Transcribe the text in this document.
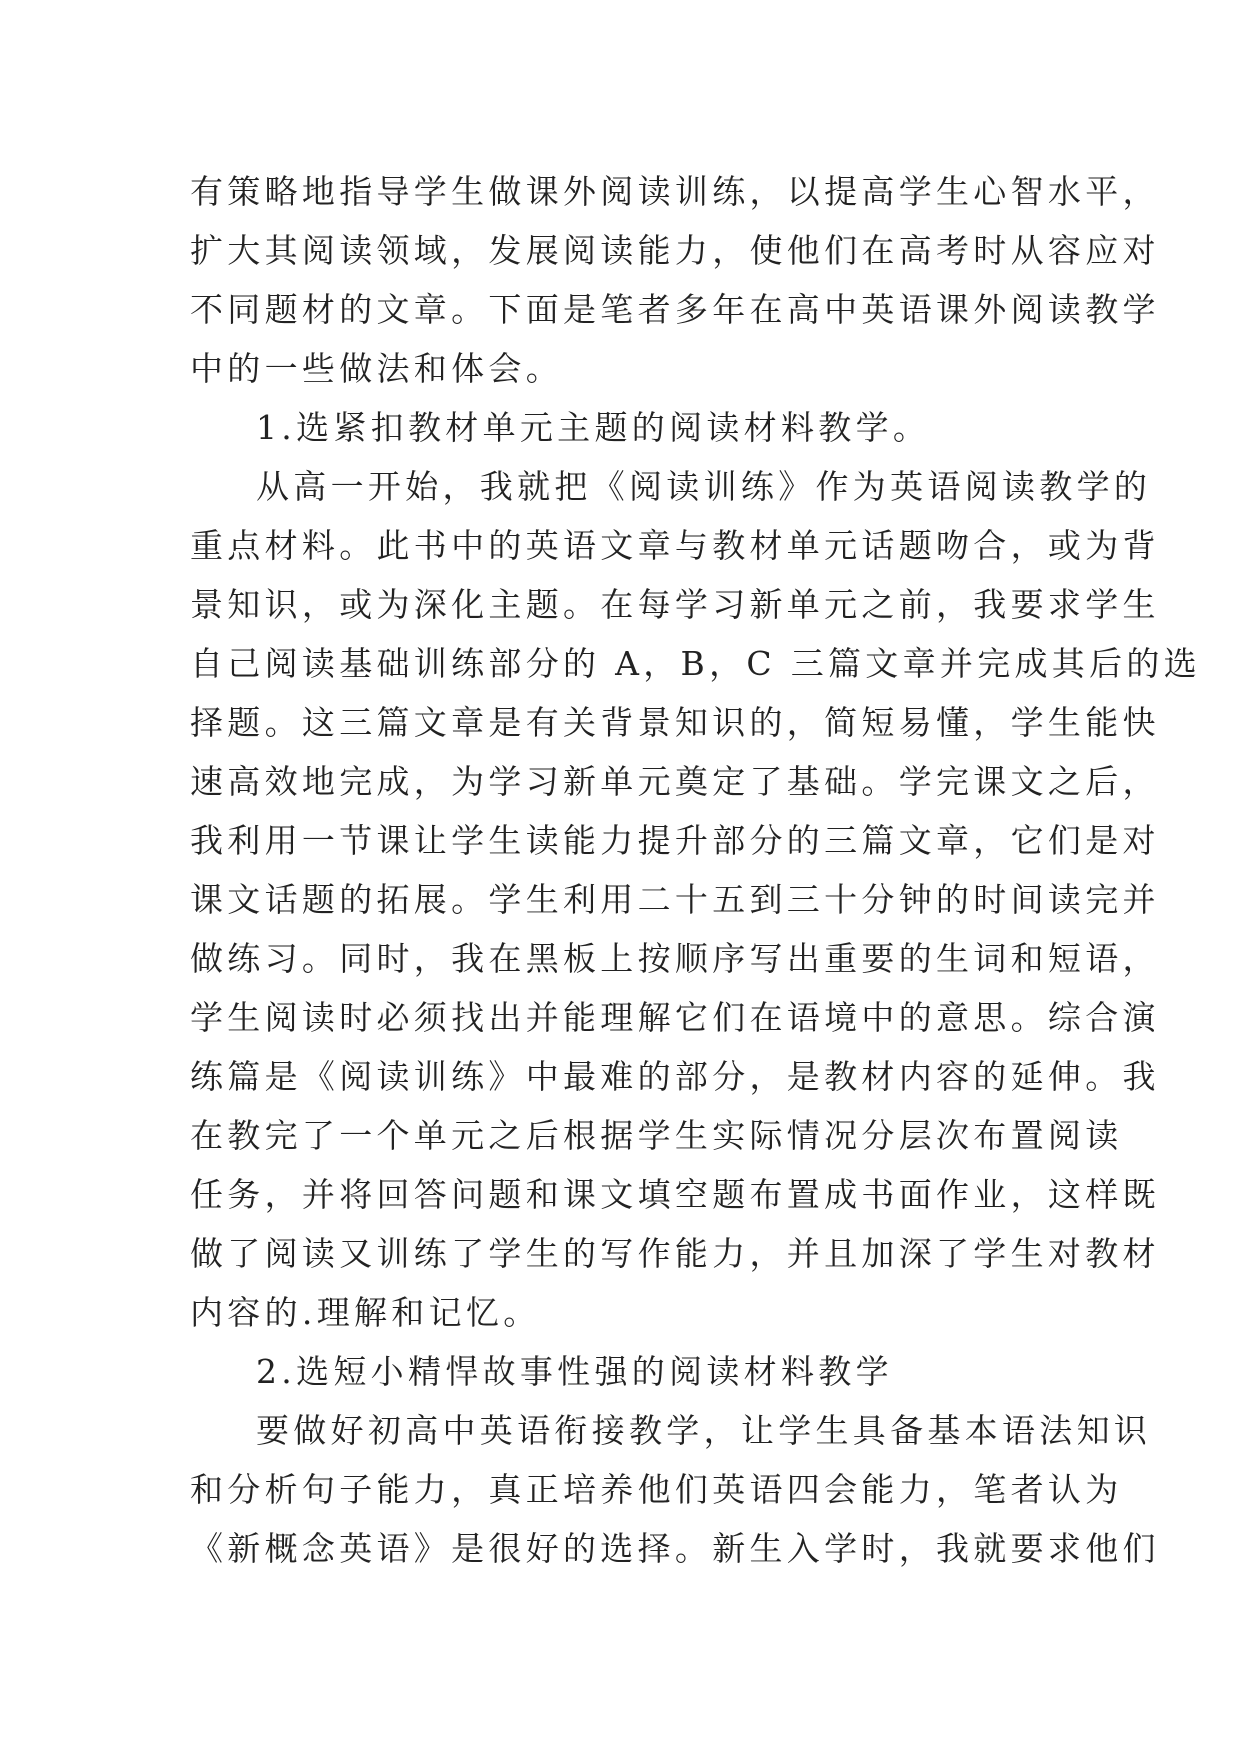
有策略地指导学生做课外阅读训练，以提高学生心智水平，
扩大其阅读领域，发展阅读能力，使他们在高考时从容应对
不同题材的文章。下面是笔者多年在高中英语课外阅读教学
中的一些做法和体会。
1.选紧扣教材单元主题的阅读材料教学。
从高一开始，我就把《阅读训练》作为英语阅读教学的
重点材料。此书中的英语文章与教材单元话题吻合，或为背
景知识，或为深化主题。在每学习新单元之前，我要求学生
自己阅读基础训练部分的 A，B，C 三篇文章并完成其后的选
择题。这三篇文章是有关背景知识的，简短易懂，学生能快
速高效地完成，为学习新单元奠定了基础。学完课文之后，
我利用一节课让学生读能力提升部分的三篇文章，它们是对
课文话题的拓展。学生利用二十五到三十分钟的时间读完并
做练习。同时，我在黑板上按顺序写出重要的生词和短语，
学生阅读时必须找出并能理解它们在语境中的意思。综合演
练篇是《阅读训练》中最难的部分，是教材内容的延伸。我
在教完了一个单元之后根据学生实际情况分层次布置阅读
任务，并将回答问题和课文填空题布置成书面作业，这样既
做了阅读又训练了学生的写作能力，并且加深了学生对教材
内容的.理解和记忆。
2.选短小精悍故事性强的阅读材料教学
要做好初高中英语衔接教学，让学生具备基本语法知识
和分析句子能力，真正培养他们英语四会能力，笔者认为
《新概念英语》是很好的选择。新生入学时，我就要求他们
